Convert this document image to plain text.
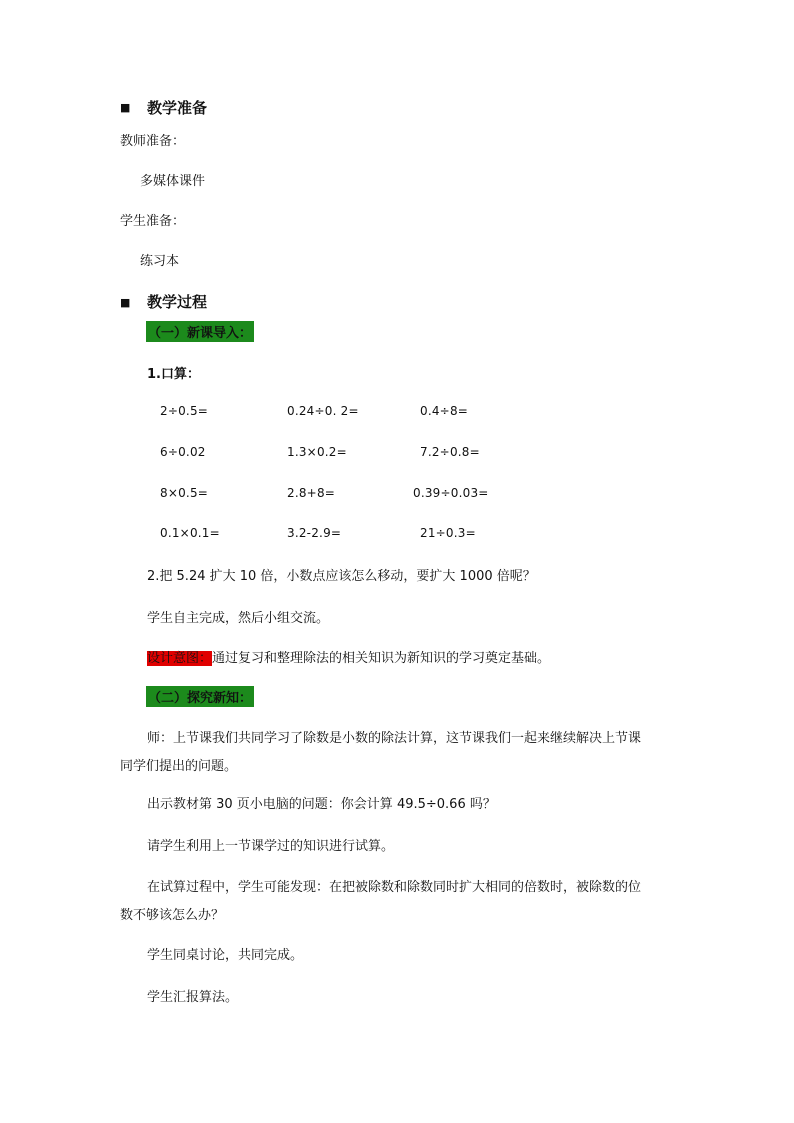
■ 教学准备
教师准备：
多媒体课件
学生准备：
练习本
■ 教学过程
（一）新课导入：
1.口算：
2÷0.5=	0.24÷0. 2=	0.4÷8=
6÷0.02	1.3×0.2=	7.2÷0.8=
8×0.5=	2.8+8=	0.39÷0.03=
0.1×0.1=	3.2-2.9=	21÷0.3=
2.把 5.24 扩大 10 倍，小数点应该怎么移动，要扩大 1000 倍呢？
学生自主完成，然后小组交流。
设计意图：通过复习和整理除法的相关知识为新知识的学习奠定基础。
（二）探究新知：
师：上节课我们共同学习了除数是小数的除法计算，这节课我们一起来继续解决上节课
同学们提出的问题。
出示教材第 30 页小电脑的问题：你会计算 49.5÷0.66 吗？
请学生利用上一节课学过的知识进行试算。
在试算过程中，学生可能发现：在把被除数和除数同时扩大相同的倍数时，被除数的位
数不够该怎么办？
学生同桌讨论，共同完成。
学生汇报算法。
